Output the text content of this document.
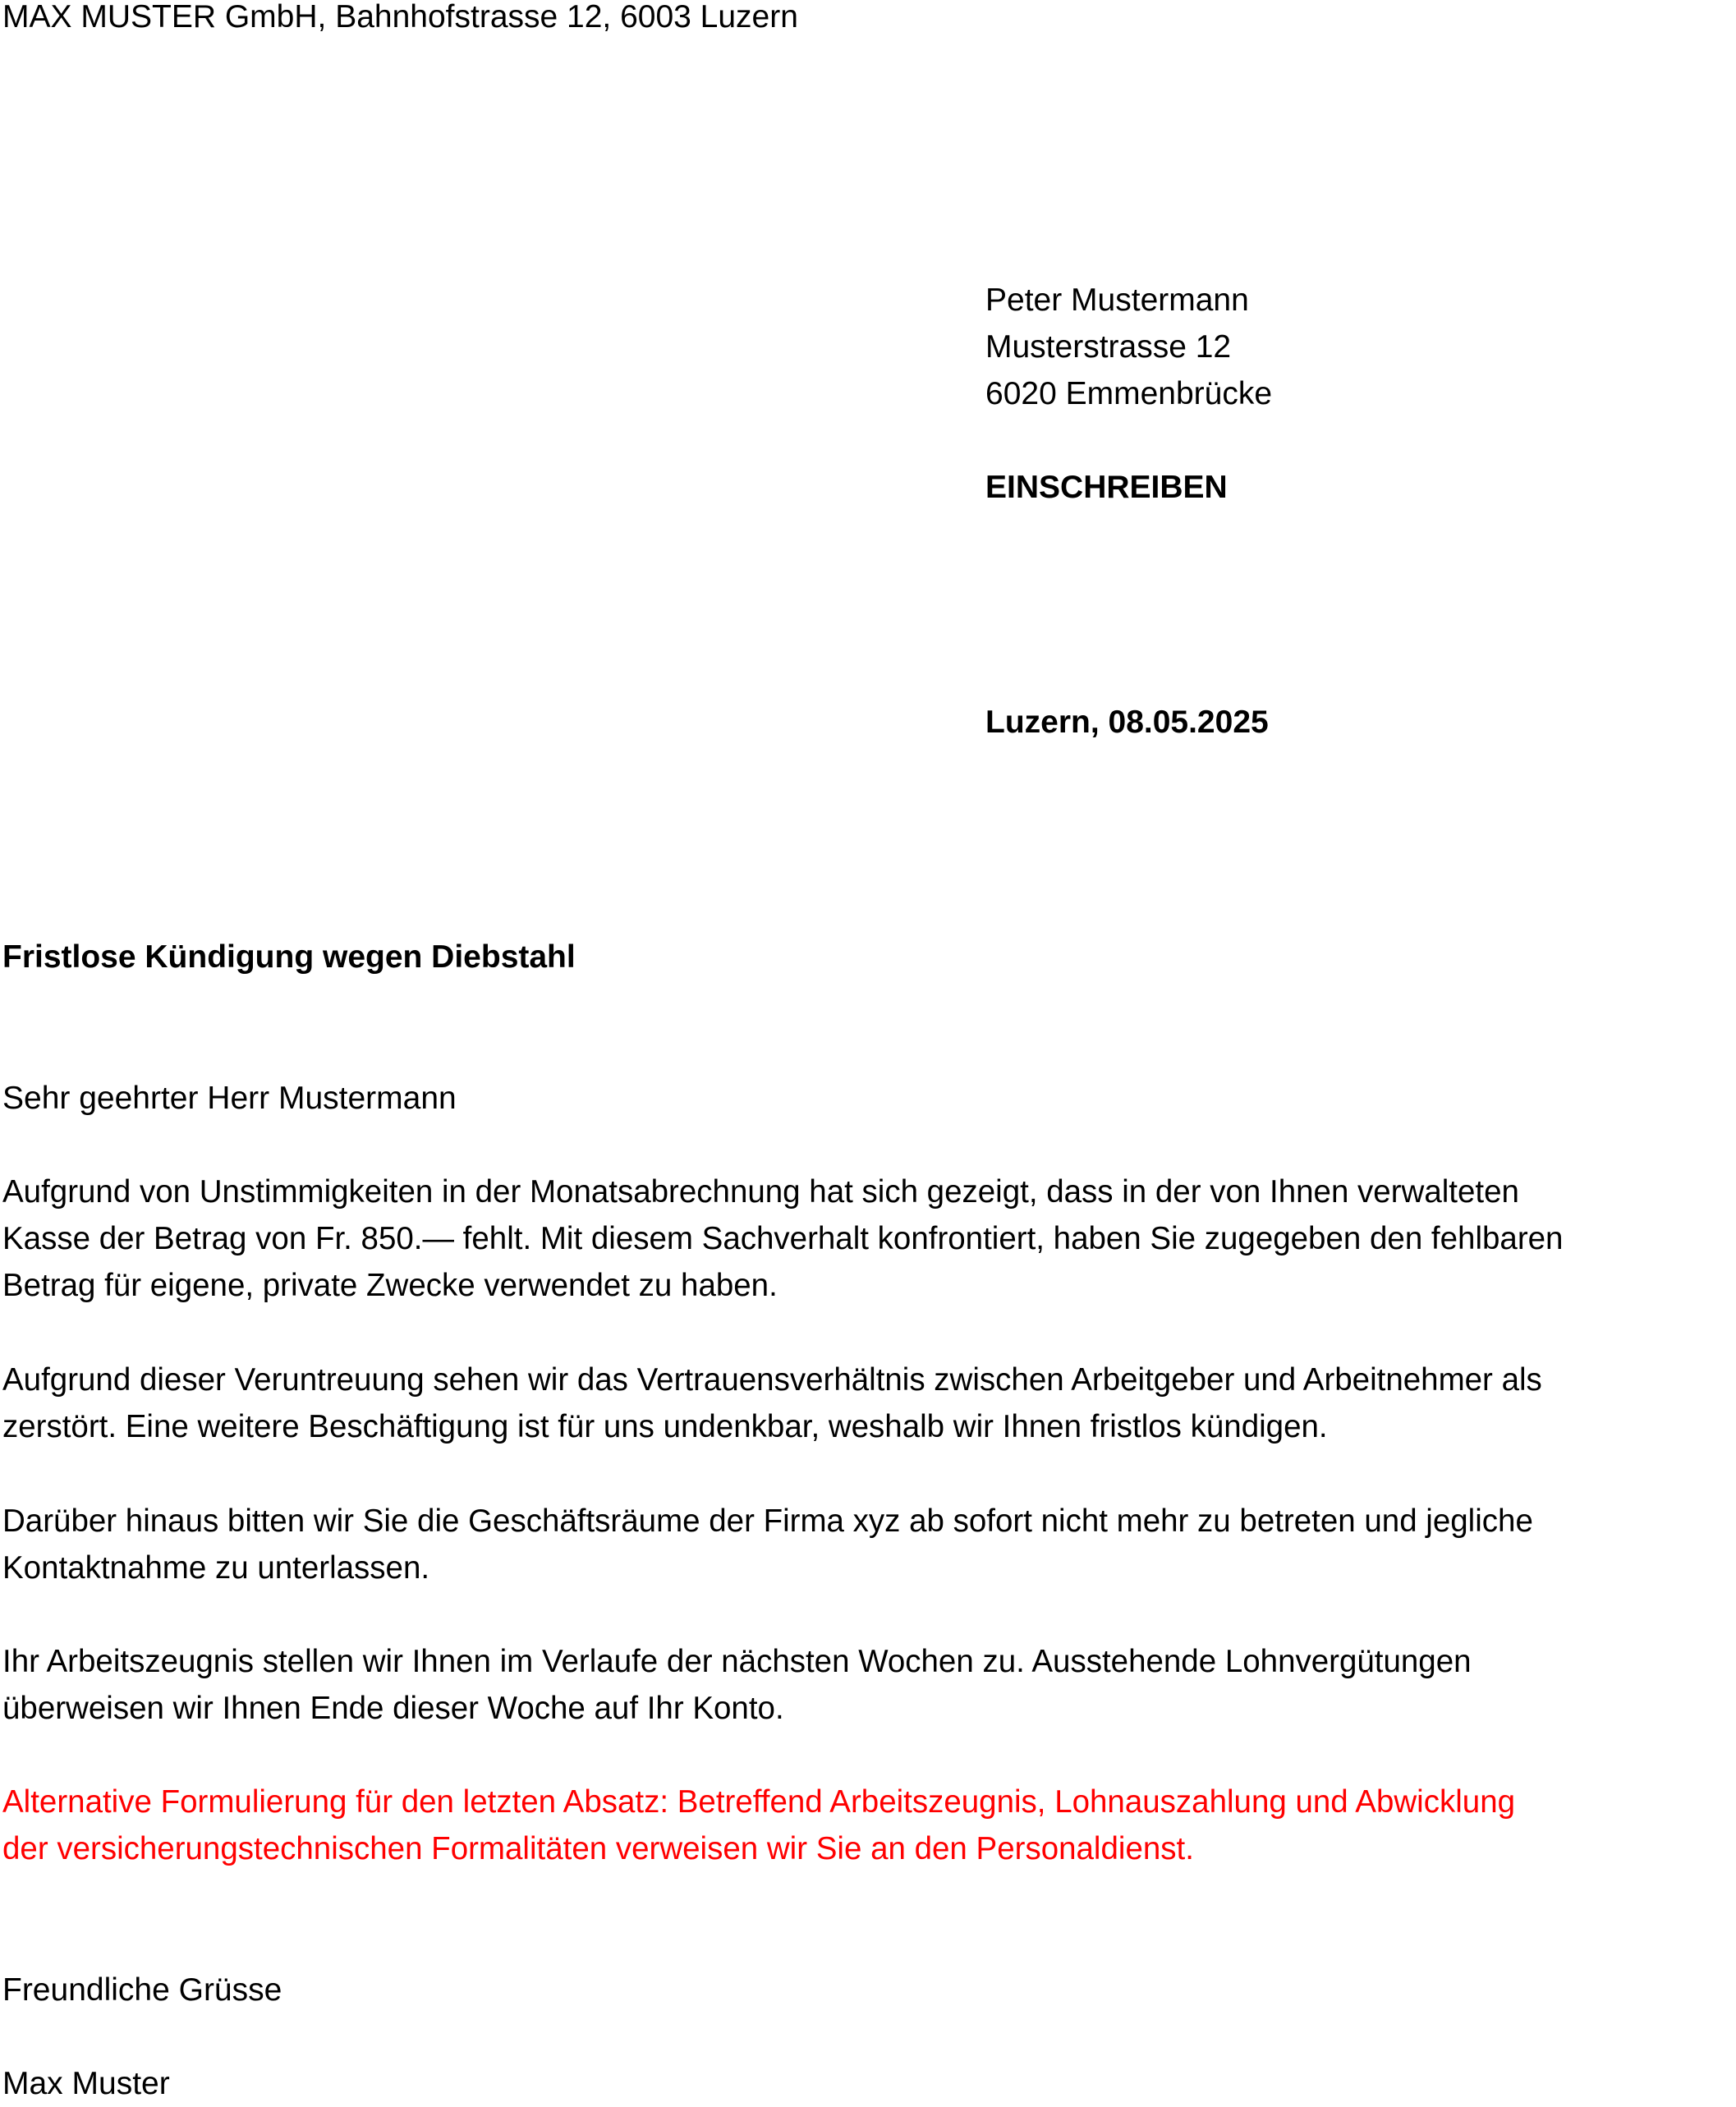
MAX MUSTER GmbH, Bahnhofstrasse 12, 6003 Luzern
Peter Mustermann
Musterstrasse 12
6020 Emmenbrücke
EINSCHREIBEN
Luzern, 08.05.2025
Fristlose Kündigung wegen Diebstahl
Sehr geehrter Herr Mustermann
Aufgrund von Unstimmigkeiten in der Monatsabrechnung hat sich gezeigt, dass in der von Ihnen verwalteten
Kasse der Betrag von Fr. 850.— fehlt. Mit diesem Sachverhalt konfrontiert, haben Sie zugegeben den fehlbaren
Betrag für eigene, private Zwecke verwendet zu haben.
Aufgrund dieser Veruntreuung sehen wir das Vertrauensverhältnis zwischen Arbeitgeber und Arbeitnehmer als
zerstört. Eine weitere Beschäftigung ist für uns undenkbar, weshalb wir Ihnen fristlos kündigen.
Darüber hinaus bitten wir Sie die Geschäftsräume der Firma xyz ab sofort nicht mehr zu betreten und jegliche
Kontaktnahme zu unterlassen.
Ihr Arbeitszeugnis stellen wir Ihnen im Verlaufe der nächsten Wochen zu. Ausstehende Lohnvergütungen
überweisen wir Ihnen Ende dieser Woche auf Ihr Konto.
Alternative Formulierung für den letzten Absatz: Betreffend Arbeitszeugnis, Lohnauszahlung und Abwicklung
der versicherungstechnischen Formalitäten verweisen wir Sie an den Personaldienst.
Freundliche Grüsse
Max Muster
